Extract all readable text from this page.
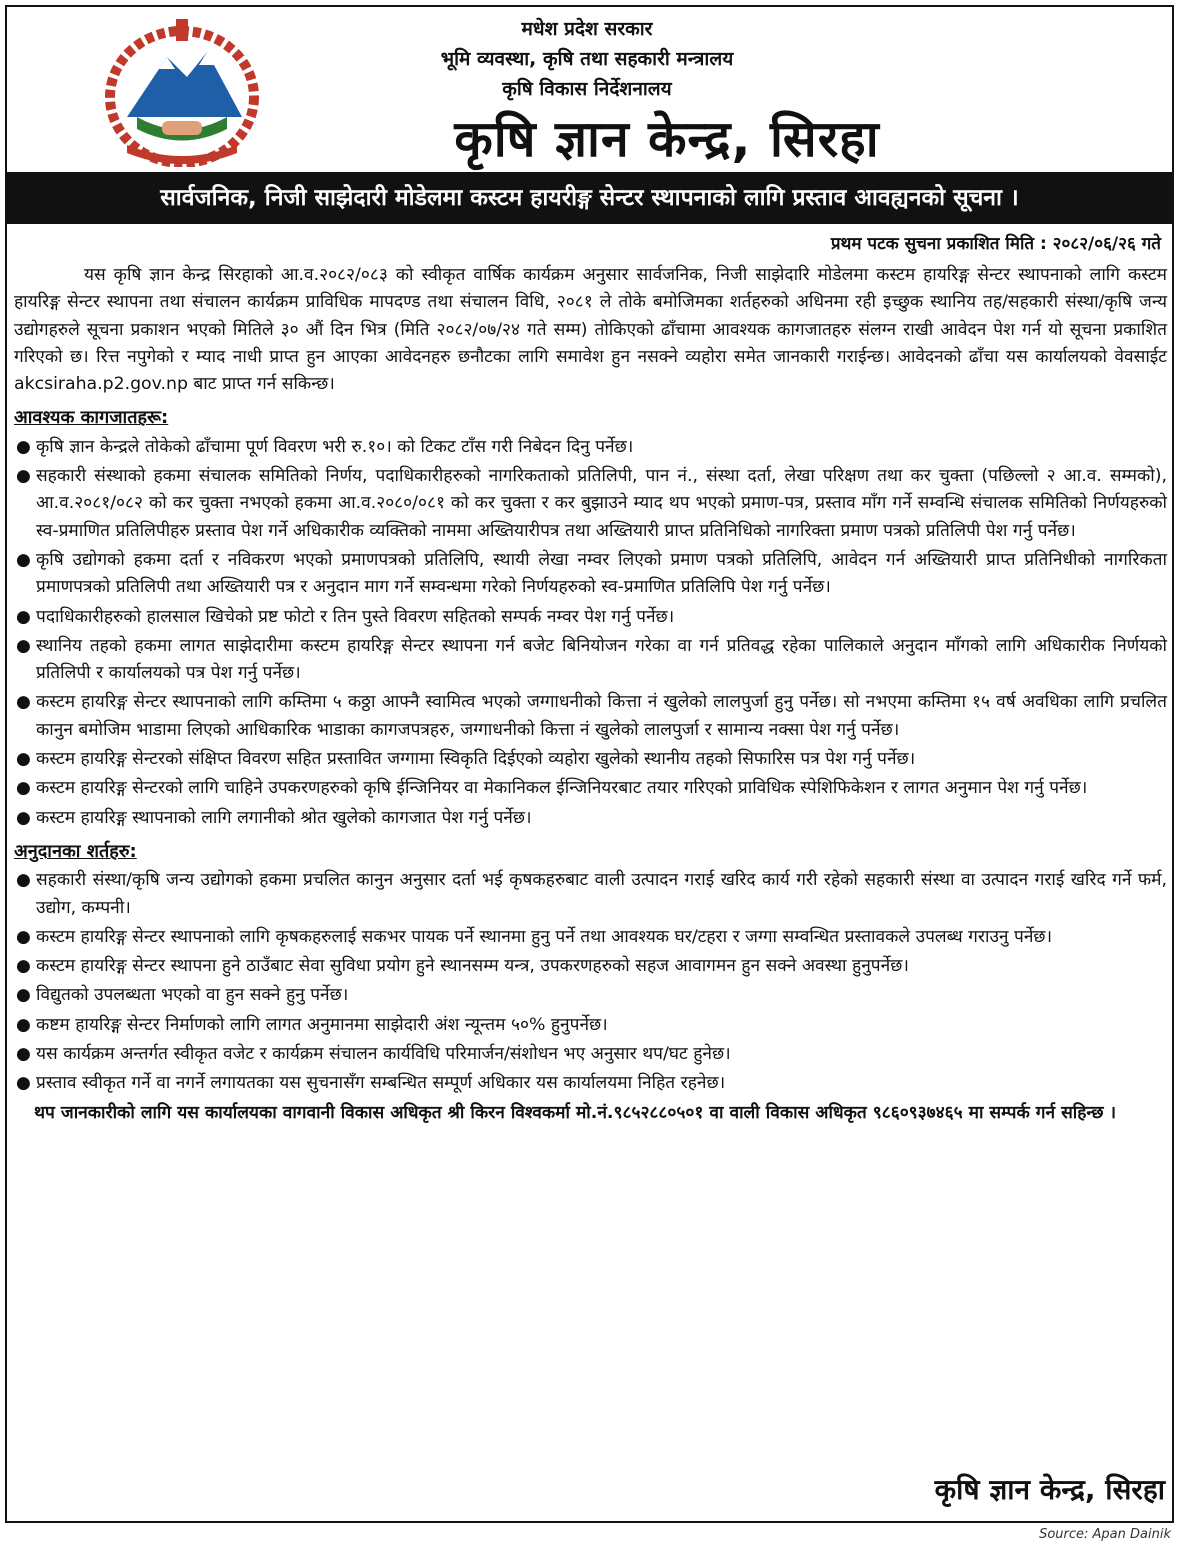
मधेश प्रदेश सरकार
भूमि व्यवस्था, कृषि तथा सहकारी मन्त्रालय
कृषि विकास निर्देशनालय
कृषि ज्ञान केन्द्र, सिरहा
सार्वजनिक, निजी साझेदारी मोडेलमा कस्टम हायरीङ्ग सेन्टर स्थापनाको लागि प्रस्ताव आवह्यनको सूचना ।
प्रथम पटक सुचना प्रकाशित मिति : २०८२/०६/२६ गते

यस कृषि ज्ञान केन्द्र सिरहाको आ.व.२०८२/०८३ को स्वीकृत वार्षिक कार्यक्रम अनुसार सार्वजनिक, निजी साझेदारि मोडेलमा कस्टम हायरिङ्ग सेन्टर स्थापनाको लागि कस्टम हायरिङ्ग सेन्टर स्थापना तथा संचालन कार्यक्रम प्राविधिक मापदण्ड तथा संचालन विधि, २०८१ ले तोके बमोजिमका शर्तहरुको अधिनमा रही इच्छुक स्थानिय तह/सहकारी संस्था/कृषि जन्य उद्योगहरुले सूचना प्रकाशन भएको मितिले ३० औं दिन भित्र (मिति २०८२/०७/२४ गते सम्म) तोकिएको ढाँचामा आवश्यक कागजातहरु संलग्न राखी आवेदन पेश गर्न यो सूचना प्रकाशित गरिएको छ। रित्त नपुगेको र म्याद नाधी प्राप्त हुन आएका आवेदनहरु छनौटका लागि समावेश हुन नसक्ने व्यहोरा समेत जानकारी गराईन्छ। आवेदनको ढाँचा यस कार्यालयको वेवसाईट akcsiraha.p2.gov.np बाट प्राप्त गर्न सकिन्छ।

आवश्यक कागजातहरू:
● कृषि ज्ञान केन्द्रले तोकेको ढाँचामा पूर्ण विवरण भरी रु.१०। को टिकट टाँस गरी निबेदन दिनु पर्नेछ।
● सहकारी संस्थाको हकमा संचालक समितिको निर्णय, पदाधिकारीहरुको नागरिकताको प्रतिलिपी, पान नं., संस्था दर्ता, लेखा परिक्षण तथा कर चुक्ता (पछिल्लो २ आ.व. सम्मको), आ.व.२०८१/०८२ को कर चुक्ता नभएको हकमा आ.व.२०८०/०८१ को कर चुक्ता र कर बुझाउने म्याद थप भएको प्रमाण-पत्र, प्रस्ताव माँग गर्ने सम्वन्धि संचालक समितिको निर्णयहरुको स्व-प्रमाणित प्रतिलिपीहरु प्रस्ताव पेश गर्ने अधिकारीक व्यक्तिको नाममा अख्तियारीपत्र तथा अख्तियारी प्राप्त प्रतिनिधिको नागरिक्ता प्रमाण पत्रको प्रतिलिपी पेश गर्नु पर्नेछ।
● कृषि उद्योगको हकमा दर्ता र नविकरण भएको प्रमाणपत्रको प्रतिलिपि, स्थायी लेखा नम्वर लिएको प्रमाण पत्रको प्रतिलिपि, आवेदन गर्न अख्तियारी प्राप्त प्रतिनिधीको नागरिकता प्रमाणपत्रको प्रतिलिपी तथा अख्तियारी पत्र र अनुदान माग गर्ने सम्वन्धमा गरेको निर्णयहरुको स्व-प्रमाणित प्रतिलिपि पेश गर्नु पर्नेछ।
● पदाधिकारीहरुको हालसाल खिचेको प्रष्ट फोटो र तिन पुस्ते विवरण सहितको सम्पर्क नम्वर पेश गर्नु पर्नेछ।
● स्थानिय तहको हकमा लागत साझेदारीमा कस्टम हायरिङ्ग सेन्टर स्थापना गर्न बजेट बिनियोजन गरेका वा गर्न प्रतिवद्ध रहेका पालिकाले अनुदान माँगको लागि अधिकारीक निर्णयको प्रतिलिपी र कार्यालयको पत्र पेश गर्नु पर्नेछ।
● कस्टम हायरिङ्ग सेन्टर स्थापनाको लागि कम्तिमा ५ कठ्ठा आफ्नै स्वामित्व भएको जग्गाधनीको कित्ता नं खुलेको लालपुर्जा हुनु पर्नेछ। सो नभएमा कम्तिमा १५ वर्ष अवधिका लागि प्रचलित कानुन बमोजिम भाडामा लिएको आधिकारिक भाडाका कागजपत्रहरु, जग्गाधनीको कित्ता नं खुलेको लालपुर्जा र सामान्य नक्सा पेश गर्नु पर्नेछ।
● कस्टम हायरिङ्ग सेन्टरको संक्षिप्त विवरण सहित प्रस्तावित जग्गामा स्विकृति दिईएको व्यहोरा खुलेको स्थानीय तहको सिफारिस पत्र पेश गर्नु पर्नेछ।
● कस्टम हायरिङ्ग सेन्टरको लागि चाहिने उपकरणहरुको कृषि ईन्जिनियर वा मेकानिकल ईन्जिनियरबाट तयार गरिएको प्राविधिक स्पेशिफिकेशन र लागत अनुमान पेश गर्नु पर्नेछ।
● कस्टम हायरिङ्ग स्थापनाको लागि लगानीको श्रोत खुलेको कागजात पेश गर्नु पर्नेछ।
अनुदानका शर्तहरु:
● सहकारी संस्था/कृषि जन्य उद्योगको हकमा प्रचलित कानुन अनुसार दर्ता भई कृषकहरुबाट वाली उत्पादन गराई खरिद कार्य गरी रहेको सहकारी संस्था वा उत्पादन गराई खरिद गर्ने फर्म, उद्योग, कम्पनी।
● कस्टम हायरिङ्ग सेन्टर स्थापनाको लागि कृषकहरुलाई सकभर पायक पर्ने स्थानमा हुनु पर्ने तथा आवश्यक घर/टहरा र जग्गा सम्वन्धित प्रस्तावकले उपलब्ध गराउनु पर्नेछ।
● कस्टम हायरिङ्ग सेन्टर स्थापना हुने ठाउँबाट सेवा सुविधा प्रयोग हुने स्थानसम्म यन्त्र, उपकरणहरुको सहज आवागमन हुन सक्ने अवस्था हुनुपर्नेछ।
● विद्युतको उपलब्धता भएको वा हुन सक्ने हुनु पर्नेछ।
● कष्टम हायरिङ्ग सेन्टर निर्माणको लागि लागत अनुमानमा साझेदारी अंश न्यून्तम ५०% हुनुपर्नेछ।
● यस कार्यक्रम अन्तर्गत स्वीकृत वजेट र कार्यक्रम संचालन कार्यविधि परिमार्जन/संशोधन भए अनुसार थप/घट हुनेछ।
● प्रस्ताव स्वीकृत गर्ने वा नगर्ने लगायतका यस सुचनासँग सम्बन्धित सम्पूर्ण अधिकार यस कार्यालयमा निहित रहनेछ।

थप जानकारीको लागि यस कार्यालयका वागवानी विकास अधिकृत श्री किरन विश्वकर्मा मो.नं.९८५२८८०५०१ वा वाली विकास अधिकृत ९८६०९३७४६५ मा सम्पर्क गर्न सहिन्छ ।

कृषि ज्ञान केन्द्र, सिरहा
Source: Apan Dainik
